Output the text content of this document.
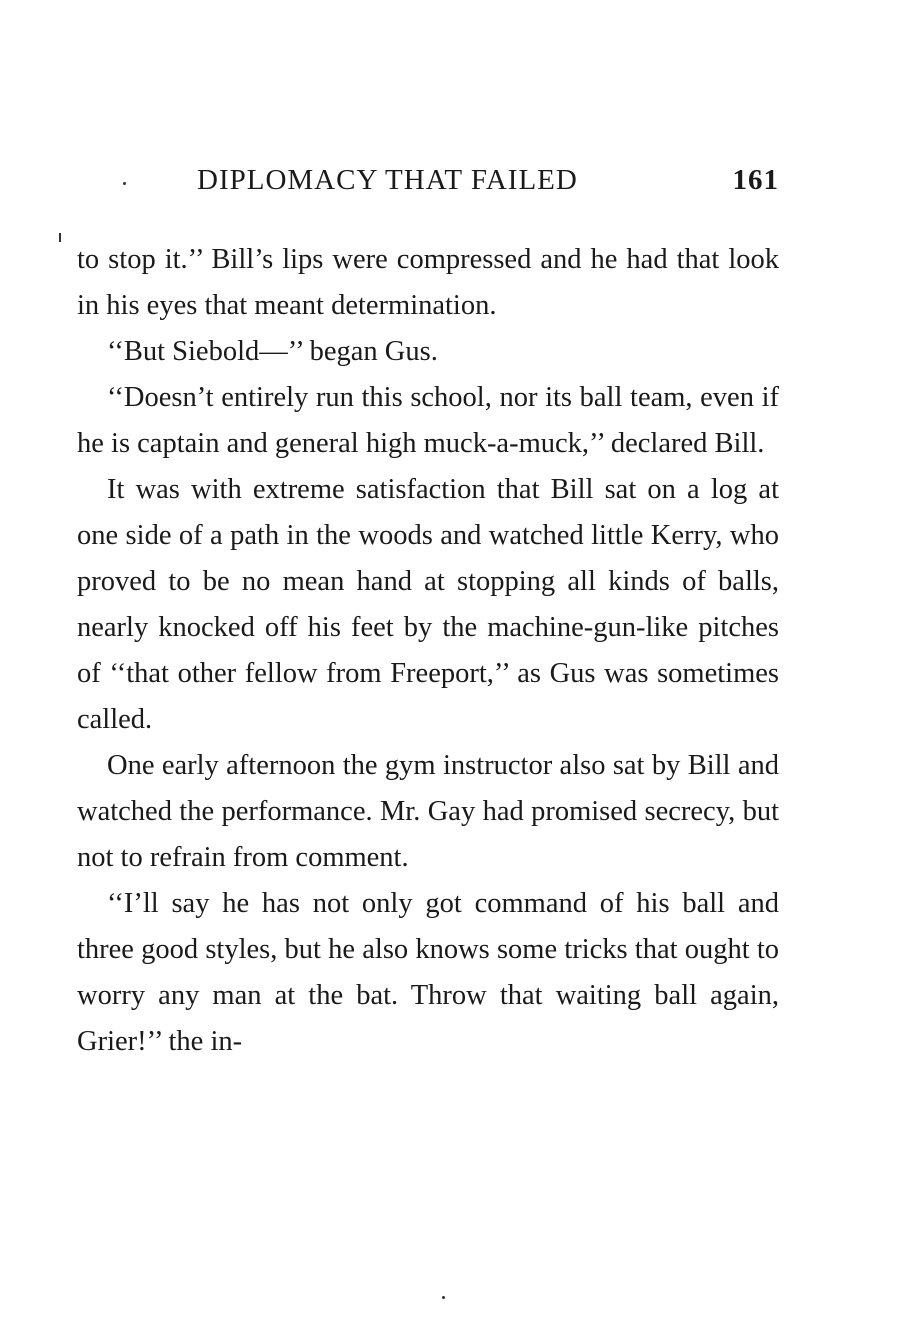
DIPLOMACY THAT FAILED	161

to stop it.’’ Bill’s lips were compressed and he had that look in his eyes that meant determination.

‘‘But Siebold—’’ began Gus.

‘‘Doesn’t entirely run this school, nor its ball team, even if he is captain and general high muck-a-muck,’’ declared Bill.

It was with extreme satisfaction that Bill sat on a log at one side of a path in the woods and watched little Kerry, who proved to be no mean hand at stopping all kinds of balls, nearly knocked off his feet by the machine-gun-like pitches of ‘‘that other fellow from Freeport,’’ as Gus was sometimes called.

One early afternoon the gym instructor also sat by Bill and watched the performance. Mr. Gay had promised secrecy, but not to refrain from comment.

‘‘I’ll say he has not only got command of his ball and three good styles, but he also knows some tricks that ought to worry any man at the bat. Throw that waiting ball again, Grier!’’ the in-
